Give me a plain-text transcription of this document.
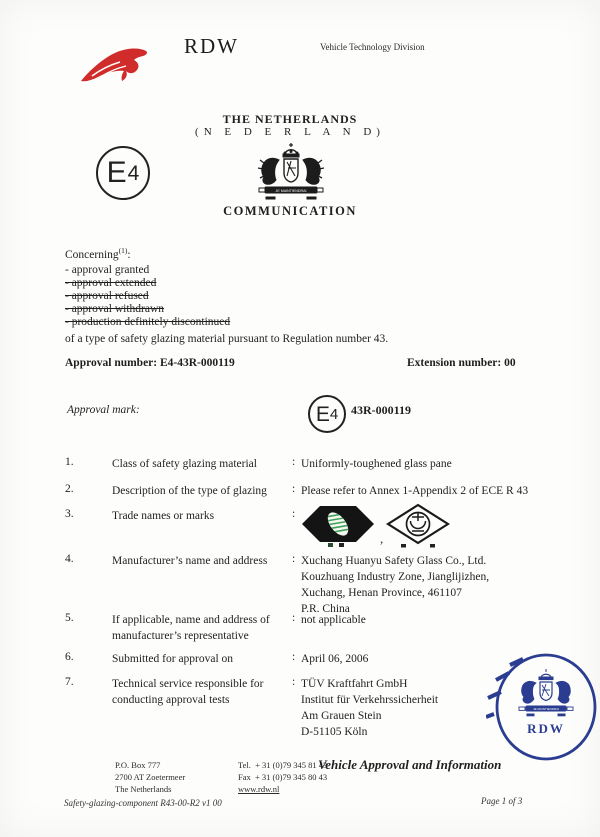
RDW	Vehicle Technology Division
THE NETHERLANDS
(N E D E R L A N D)
E 4
JE MAINTIENDRAI
COMMUNICATION
Concerning$^{(1)}$:
- approval granted
- approval extended
- approval refused
- approval withdrawn
- production definitely discontinued
of a type of safety glazing material pursuant to Regulation number 43.
Approval number: E4-43R-000119	Extension number: 00
Approval mark:	E 4 43R-000119
1.	Class of safety glazing material	: Uniformly-toughened glass pane
2.	Description of the type of glazing : Please refer to Annex 1-Appendix 2 of ECE R 43
3.	Trade names or marks	:
,
4.	Manufacturer’s name and address : Xuchang Huanyu Safety Glass Co., Ltd.
Kouzhuang Industry Zone, Jianglijizhen,
Xuchang, Henan Province, 461107
P.R. China
5.	If applicable, name and address of
manufacturer’s representative
: not applicable
6.	Submitted for approval on	: April 06, 2006
7.	Technical service responsible for
conducting approval tests
: TÜV Kraftfahrt GmbH
Institut für Verkehrssicherheit
Am Grauen Stein
D-51105 Köln
JE MAINTIENDRAI
RDW
P.O. Box 777
2700 AT Zoetermeer
The Netherlands
Tel. + 31 (0)79 345 81 43
Fax + 31 (0)79 345 80 43
www.rdw.nl
Vehicle Approval and Information
Safety-glazing-component R43-00-R2 v1 00	Page 1 of 3
